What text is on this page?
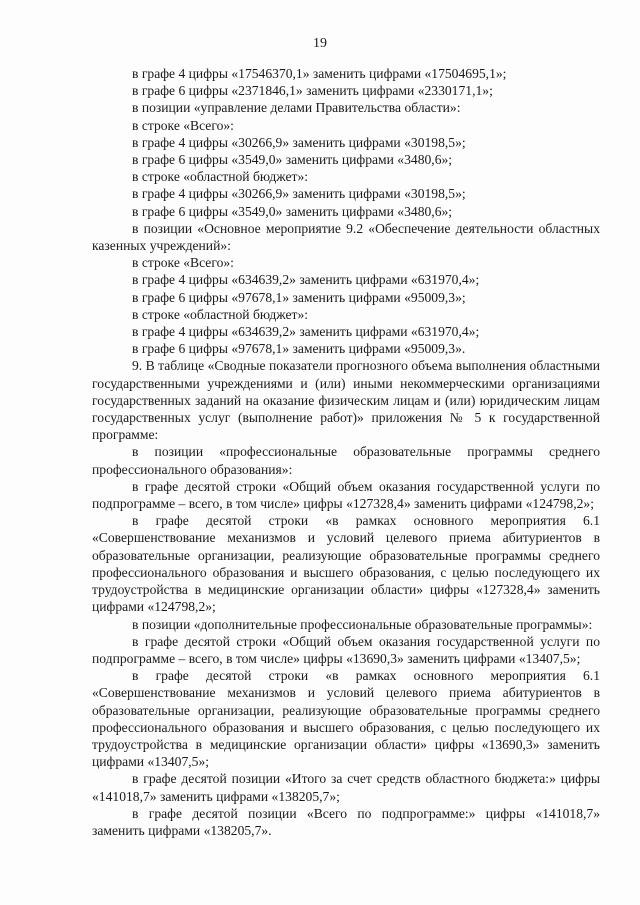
19

в графе 4 цифры «17546370,1» заменить цифрами «17504695,1»;

в графе 6 цифры «2371846,1» заменить цифрами «2330171,1»;

в позиции «управление делами Правительства области»:

в строке «Всего»:

в графе 4 цифры «30266,9» заменить цифрами «30198,5»;

в графе 6 цифры «3549,0» заменить цифрами «3480,6»;

в строке «областной бюджет»:

в графе 4 цифры «30266,9» заменить цифрами «30198,5»;

в графе 6 цифры «3549,0» заменить цифрами «3480,6»;

в позиции «Основное мероприятие 9.2 «Обеспечение деятельности областных казенных учреждений»:

в строке «Всего»:

в графе 4 цифры «634639,2» заменить цифрами «631970,4»;

в графе 6 цифры «97678,1» заменить цифрами «95009,3»;

в строке «областной бюджет»:

в графе 4 цифры «634639,2» заменить цифрами «631970,4»;

в графе 6 цифры «97678,1» заменить цифрами «95009,3».

9. В таблице «Сводные показатели прогнозного объема выполнения областными государственными учреждениями и (или) иными некоммерческими организациями государственных заданий на оказание физическим лицам и (или) юридическим лицам государственных услуг (выполнение работ)» приложения № 5 к государственной программе:

в позиции «профессиональные образовательные программы среднего профессионального образования»:

в графе десятой строки «Общий объем оказания государственной услуги по подпрограмме – всего, в том числе» цифры «127328,4» заменить цифрами «124798,2»;

в графе десятой строки «в рамках основного мероприятия 6.1 «Совершенствование механизмов и условий целевого приема абитуриентов в образовательные организации, реализующие образовательные программы среднего профессионального образования и высшего образования, с целью последующего их трудоустройства в медицинские организации области» цифры «127328,4» заменить цифрами «124798,2»;

в позиции «дополнительные профессиональные образовательные программы»:

в графе десятой строки «Общий объем оказания государственной услуги по подпрограмме – всего, в том числе» цифры «13690,3» заменить цифрами «13407,5»;

в графе десятой строки «в рамках основного мероприятия 6.1 «Совершенствование механизмов и условий целевого приема абитуриентов в образовательные организации, реализующие образовательные программы среднего профессионального образования и высшего образования, с целью последующего их трудоустройства в медицинские организации области» цифры «13690,3» заменить цифрами «13407,5»;

в графе десятой позиции «Итого за счет средств областного бюджета:» цифры «141018,7» заменить цифрами «138205,7»;

в графе десятой позиции «Всего по подпрограмме:» цифры «141018,7» заменить цифрами «138205,7».
